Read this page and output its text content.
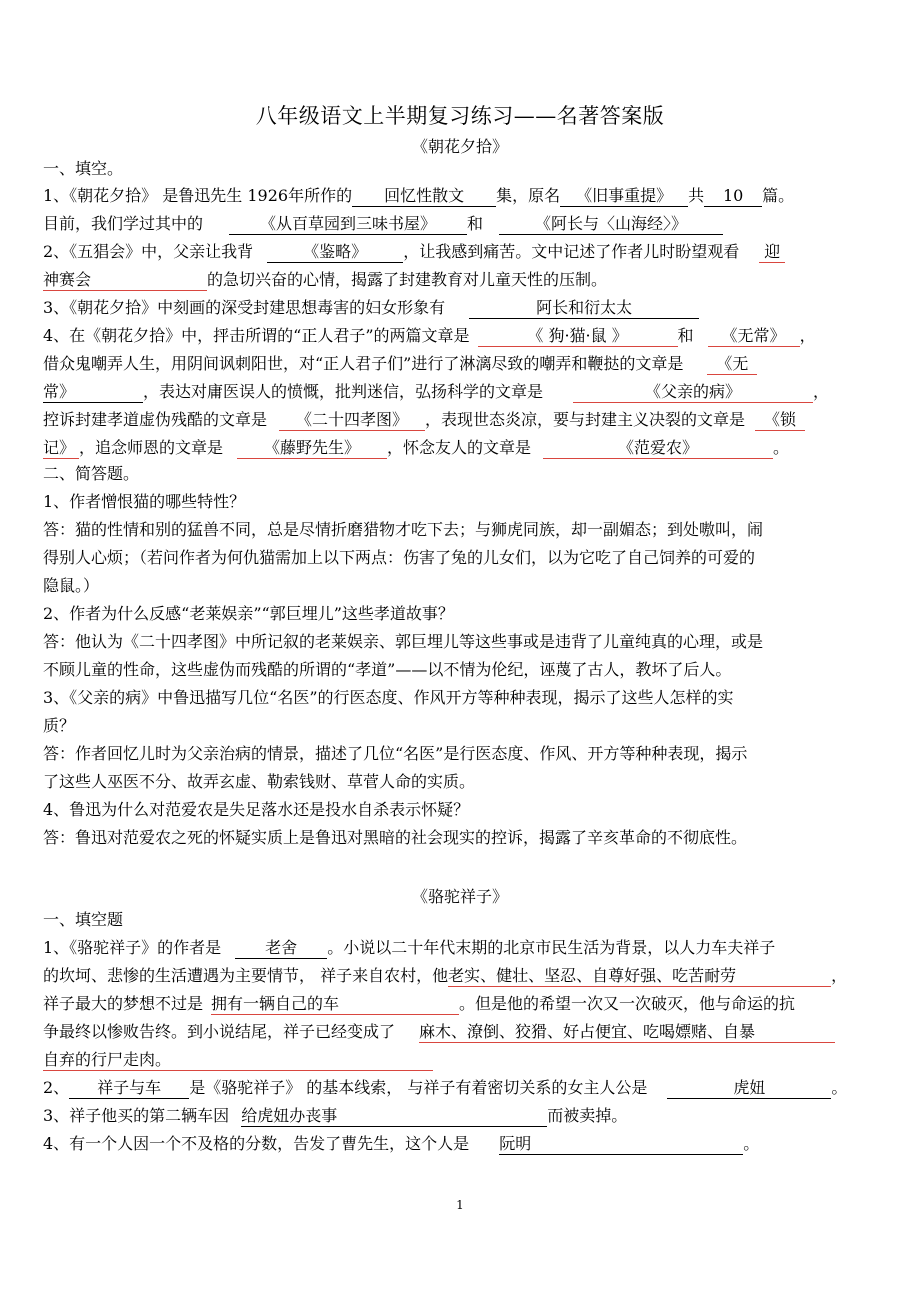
八年级语文上半期复习练习——名著答案版
《朝花夕拾》
一、填空。
1、《朝花夕拾》 是鲁迅先生 1926年所作的 回忆性散文 集，原名 《旧事重提》 共 10 篇。
目前，我们学过其中的	《从百草园到三味书屋》 和	《阿长与〈山海经〉》
2、《五猖会》中，父亲让我背	《鉴略》 ，让我感到痛苦。文中记述了作者儿时盼望观看 迎
神赛会	的急切兴奋的心情，揭露了封建教育对儿童天性的压制。
3、《朝花夕拾》中刻画的深受封建思想毒害的妇女形象有	阿长和衍太太
4、在《朝花夕拾》中，抨击所谓的“正人君子”的两篇文章是	《 狗·猫·鼠 》	和 《无常》 ，
借众鬼嘲弄人生，用阴间讽刺阳世，对“正人君子们”进行了淋漓尽致的嘲弄和鞭挞的文章是 《无
常》	，表达对庸医误人的愤慨，批判迷信，弘扬科学的文章是	《父亲的病》	，
控诉封建孝道虚伪残酷的文章是 《二十四孝图》 ，表现世态炎凉，要与封建主义决裂的文章是 《锁
记》 ，追念师恩的文章是	《藤野先生》 ，怀念友人的文章是	《范爱农》	。
二、简答题。
1、作者憎恨猫的哪些特性？
答：猫的性情和别的猛兽不同，总是尽情折磨猎物才吃下去；与狮虎同族，却一副媚态；到处嗷叫，闹
得别人心烦；（若问作者为何仇猫需加上以下两点：伤害了兔的儿女们，以为它吃了自己饲养的可爱的
隐鼠。）
2、作者为什么反感“老莱娱亲”“郭巨埋儿”这些孝道故事？
答：他认为《二十四孝图》中所记叙的老莱娱亲、郭巨埋儿等这些事或是违背了儿童纯真的心理，或是
不顾儿童的性命，这些虚伪而残酷的所谓的“孝道”——以不情为伦纪，诬蔑了古人，教坏了后人。
3、《父亲的病》中鲁迅描写几位“名医”的行医态度、作风开方等种种表现，揭示了这些人怎样的实
质？
答：作者回忆儿时为父亲治病的情景，描述了几位“名医”是行医态度、作风、开方等种种表现，揭示
了这些人巫医不分、故弄玄虚、勒索钱财、草菅人命的实质。
4、鲁迅为什么对范爱农是失足落水还是投水自杀表示怀疑？
答：鲁迅对范爱农之死的怀疑实质上是鲁迅对黑暗的社会现实的控诉，揭露了辛亥革命的不彻底性。
《骆驼祥子》
一、填空题
1、《骆驼祥子》的作者是	老舍 。小说以二十年代末期的北京市民生活为背景，以人力车夫祥子
的坎坷、悲惨的生活遭遇为主要情节， 祥子来自农村，他老实、健壮、坚忍、自尊好强、吃苦耐劳	，
祥子最大的梦想不过是 拥有一辆自己的车	。但是他的希望一次又一次破灭，他与命运的抗
争最终以惨败告终。到小说结尾，祥子已经变成了 麻木、潦倒、狡猾、好占便宜、吃喝嫖赌、自暴
自弃的行尸走肉。
2、 祥子与车 是《骆驼祥子》 的基本线索， 与祥子有着密切关系的女主人公是	虎妞	。
3、祥子他买的第二辆车因 给虎妞办丧事	而被卖掉。
4、有一个人因一个不及格的分数，告发了曹先生，这个人是 阮明	。
1
